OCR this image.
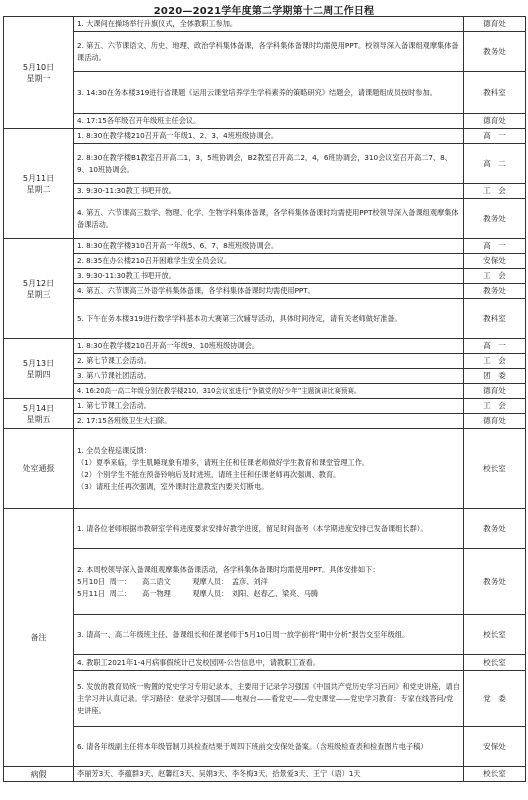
2020—2021学年度第二学期第十二周工作日程
5月10日
星期一	1. 大课间在操场举行升旗仪式，全体教职工参加。	德育处
	2. 第五、六节课语文、历史、地理、政治学科集体备课，各学科集体备课时均需使用PPT。校领导深入备课组观摩集体备课活动。	教务处
	3. 14:30在务本楼319进行省课题《运用云课堂培养学生学科素养的策略研究》结题会，请课题组成员按时参加。	教科室
	4. 17:15各年级召开年级班主任会议。	德育处

5月11日
星期二	1. 8:30在教学楼210召开高一年级1、2、3、4班班级协调会。	高　一
	2. 8:30在教学楼B1教室召开高二1，3，5班协调会，B2教室召开高二2，4，6班协调会，310会议室召开高二7、8、9、10班协调会。	高　二
	3. 9:30-11:30教工书吧开放。	工　会
	4. 第五、六节课高三数学、物理、化学、生物学科集体备课，各学科集体备课时均需使用PPT校领导深入备课组观摩集体备课活动。	教务处

5月12日
星期三	1. 8:30在教学楼310召开高一年级5、6、7、8班班级协调会。	高　一
	2. 8:35在办公楼210召开困难学生安全员会议。	安保处
	3. 9:30-11:30教工书吧开放。	工　会
	4. 第五、六节课高三外语学科集体备课，各学科集体备课时均需使用PPT。	教务处
	5. 下午在务本楼319进行数学学科基本功大赛第三次辅导活动，具体时间待定，请有关老师做好准备。	教科室

5月13日
星期四	1. 8:30在教学楼210召开高一年级9、10班班级协调会。	高　一
	2. 第七节课工会活动。	工　会
	3. 第八节课社团活动。	团　委
	4. 16:20高一高二年级分别在教学楼210、310会议室进行“争做党的好少年”主题演讲比赛预赛。	德育处

5月14日
星期五	1. 第七节课工会活动。	工　会
	2. 17:15各班级卫生大扫除。	德育处
处室通报	1. 全员全程巡课反馈：
（1）夏季来临，学生肌睡现象有增多，请班主任和任课老师做好学生教育和课堂管理工作。
（2）个别学生不能在预备铃响后及时进班，请班主任和任课老师再次强调、教育。
（3）请班主任再次强调，室外课时注意教室内要关灯断电。	校长室
备注	1. 请各位老师根据市教研室学科进度要求安排好教学进度，留足时间备考（本学期进度安排已发备课组长群）。	教务处

	2. 本周校领导深入备课组观摩集体备课活动，各学科集体备课时均需使用PPT。具体安排如下：
5月10日  周一：　　高二语文　　　观摩人员：　孟彦、刘洋
5月11日  周二：　　高一物理　　　观摩人员：　刘阳、赵春乙、梁亮、马腾	教务处
	3. 请高一、高二年级班主任、备课组长和任课老师于5月10日周一放学前将“期中分析”报告交至年级组。	校长室
	4. 教职工2021年1-4月病事假统计已发校园网-公告信息中，请教职工查看。	校长室
	5. 发放的教育局统一购置的党史学习专用记录本，主要用于记录学习强国《中国共产党历史学习百问》和党史讲座，请自主学习并认真记录。学习路径：登录学习强国——电视台——看党史——党史课堂——党史学习教育：专家在线答问/党史讲座。	党　委
	6. 请各年级副主任将本年级管制刀具检查结果于周四下班前交安保处备案。（含班级检查表和检查图片电子稿）	安保处
病假	李丽芳3天、李蕴群3天、赵馨红3天、吴娟3天、李冬梅3天、拾景爱3天、王宁（语）1天	校长室
